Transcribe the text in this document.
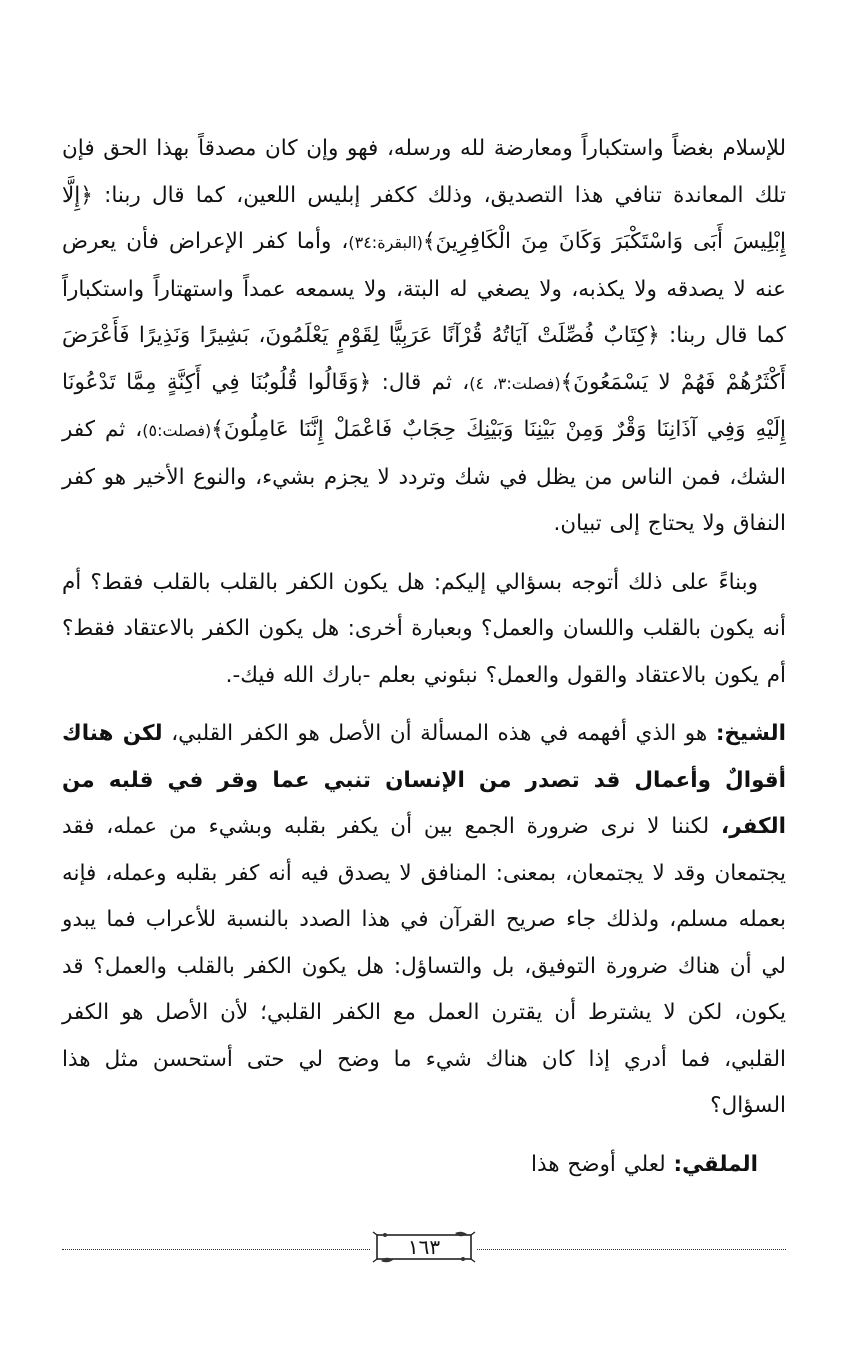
للإسلام بغضاً واستكباراً ومعارضة لله ورسله، فهو وإن كان مصدقاً بهذا الحق فإن تلك المعاندة تنافي هذا التصديق، وذلك ككفر إبليس اللعين، كما قال ربنا: ﴿إِلَّا إِبْلِيسَ أَبَى وَاسْتَكْبَرَ وَكَانَ مِنَ الْكَافِرِينَ﴾(البقرة:٣٤)، وأما كفر الإعراض فأن يعرض عنه لا يصدقه ولا يكذبه، ولا يصغي له البتة، ولا يسمعه عمداً واستهتاراً واستكباراً كما قال ربنا: ﴿كِتَابٌ فُصِّلَتْ آيَاتُهُ قُرْآنًا عَرَبِيًّا لِقَوْمٍ يَعْلَمُونَ، بَشِيرًا وَنَذِيرًا فَأَعْرَضَ أَكْثَرُهُمْ فَهُمْ لا يَسْمَعُونَ﴾(فصلت:٣، ٤)، ثم قال: ﴿وَقَالُوا قُلُوبُنَا فِي أَكِنَّةٍ مِمَّا تَدْعُونَا إِلَيْهِ وَفِي آذَانِنَا وَقْرٌ وَمِنْ بَيْنِنَا وَبَيْنِكَ حِجَابٌ فَاعْمَلْ إِنَّنَا عَامِلُونَ﴾(فصلت:٥)، ثم كفر الشك، فمن الناس من يظل في شك وتردد لا يجزم بشيء، والنوع الأخير هو كفر النفاق ولا يحتاج إلى تبيان.

وبناءً على ذلك أتوجه بسؤالي إليكم: هل يكون الكفر بالقلب بالقلب فقط؟ أم أنه يكون بالقلب واللسان والعمل؟ وبعبارة أخرى: هل يكون الكفر بالاعتقاد فقط؟ أم يكون بالاعتقاد والقول والعمل؟ نبئوني بعلم -بارك الله فيك-.

الشيخ: هو الذي أفهمه في هذه المسألة أن الأصل هو الكفر القلبي، لكن هناك أقوالٌ وأعمال قد تصدر من الإنسان تنبي عما وقر في قلبه من الكفر، لكننا لا نرى ضرورة الجمع بين أن يكفر بقلبه وبشيء من عمله، فقد يجتمعان وقد لا يجتمعان، بمعنى: المنافق لا يصدق فيه أنه كفر بقلبه وعمله، فإنه بعمله مسلم، ولذلك جاء صريح القرآن في هذا الصدد بالنسبة للأعراب فما يبدو لي أن هناك ضرورة التوفيق، بل والتساؤل: هل يكون الكفر بالقلب والعمل؟ قد يكون، لكن لا يشترط أن يقترن العمل مع الكفر القلبي؛ لأن الأصل هو الكفر القلبي، فما أدري إذا كان هناك شيء ما وضح لي حتى أستحسن مثل هذا السؤال؟

الملقي: لعلي أوضح هذا

١٦٣
